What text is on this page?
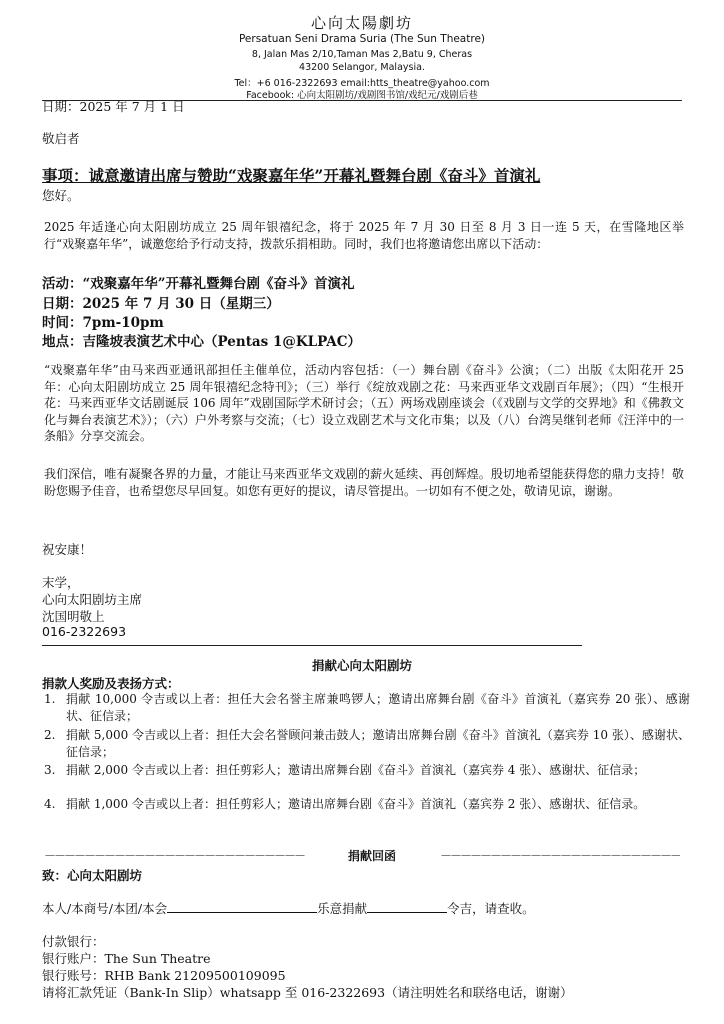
心向太陽劇坊
Persatuan Seni Drama Suria (The Sun Theatre)
8, Jalan Mas 2/10,Taman Mas 2,Batu 9, Cheras
43200 Selangor, Malaysia.
Tel：+6 016-2322693 email:htts_theatre@yahoo.com
Facebook: 心向太阳剧坊/戏剧图书馆/戏纪元/戏剧后巷
日期：2025 年 7 月 1 日
敬启者
事项：诚意邀请出席与赞助“戏聚嘉年华”开幕礼暨舞台剧《奋斗》首演礼
您好。
2025 年适逢心向太阳剧坊成立 25 周年银禧纪念，将于 2025 年 7 月 30 日至 8 月 3 日一连 5 天，在雪隆地区举行“戏聚嘉年华”，诚邀您给予行动支持，拨款乐捐相助。同时，我们也将邀请您出席以下活动：
活动：“戏聚嘉年华”开幕礼暨舞台剧《奋斗》首演礼
日期：2025 年 7 月 30 日（星期三）
时间：7pm-10pm
地点：吉隆坡表演艺术中心（Pentas 1@KLPAC）
“戏聚嘉年华”由马来西亚通讯部担任主催单位，活动内容包括：（一）舞台剧《奋斗》公演；（二）出版《太阳花开 25 年：心向太阳剧坊成立 25 周年银禧纪念特刊》；（三）举行《绽放戏剧之花：马来西亚华文戏剧百年展》；（四）“生根开花：马来西亚华文话剧诞辰 106 周年”戏剧国际学术研讨会；（五）两场戏剧座谈会（《戏剧与文学的交界地》和《佛教文化与舞台表演艺术》）；（六）户外考察与交流；（七）设立戏剧艺术与文化市集；以及（八）台湾吴继钊老师《汪洋中的一条船》分享交流会。
我们深信，唯有凝聚各界的力量，才能让马来西亚华文戏剧的薪火延续、再创辉煌。殷切地希望能获得您的鼎力支持！敬盼您赐予佳音，也希望您尽早回复。如您有更好的提议，请尽管提出。一切如有不便之处，敬请见谅，谢谢。
祝安康！
末学，
心向太阳剧坊主席
沈国明敬上
016-2322693
捐献心向太阳剧坊
捐款人奖励及表扬方式：
1. 捐献 10,000 令吉或以上者：担任大会名誉主席兼鸣锣人；邀请出席舞台剧《奋斗》首演礼（嘉宾券 20 张）、感谢状、征信录；
2. 捐献 5,000 令吉或以上者：担任大会名誉顾问兼击鼓人；邀请出席舞台剧《奋斗》首演礼（嘉宾券 10 张）、感谢状、征信录；
3. 捐献 2,000 令吉或以上者：担任剪彩人；邀请出席舞台剧《奋斗》首演礼（嘉宾券 4 张）、感谢状、征信录；
4. 捐献 1,000 令吉或以上者：担任剪彩人；邀请出席舞台剧《奋斗》首演礼（嘉宾券 2 张）、感谢状、征信录。
－－－－－－－－－－－－－－－－－－－－－－－－－－	捐献回函	－－－－－－－－－－－－－－－－－－－－－－－－
致：心向太阳剧坊
本人/本商号/本团/本会	乐意捐献	令吉，请查收。
付款银行：
银行账户：The Sun Theatre
银行账号：RHB Bank 21209500109095
请将汇款凭证（Bank-In Slip）whatsapp 至 016-2322693（请注明姓名和联络电话，谢谢）
